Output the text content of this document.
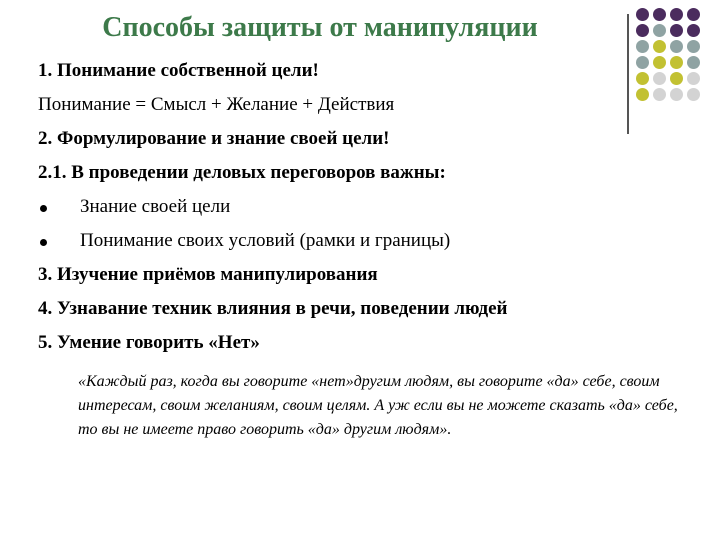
Способы защиты от манипуляции
1. Понимание собственной цели!
Понимание = Смысл + Желание + Действия
2. Формулирование и знание своей цели!
2.1. В проведении деловых переговоров важны:
Знание своей цели
Понимание своих условий (рамки и границы)
3. Изучение приёмов манипулирования
4. Узнавание техник влияния в речи, поведении людей
5. Умение говорить «Нет»
«Каждый раз, когда вы говорите «нет»другим людям, вы говорите «да» себе, своим интересам, своим желаниям, своим целям. А уж если вы не можете сказать «да» себе, то вы не имеете право говорить «да» другим людям».
